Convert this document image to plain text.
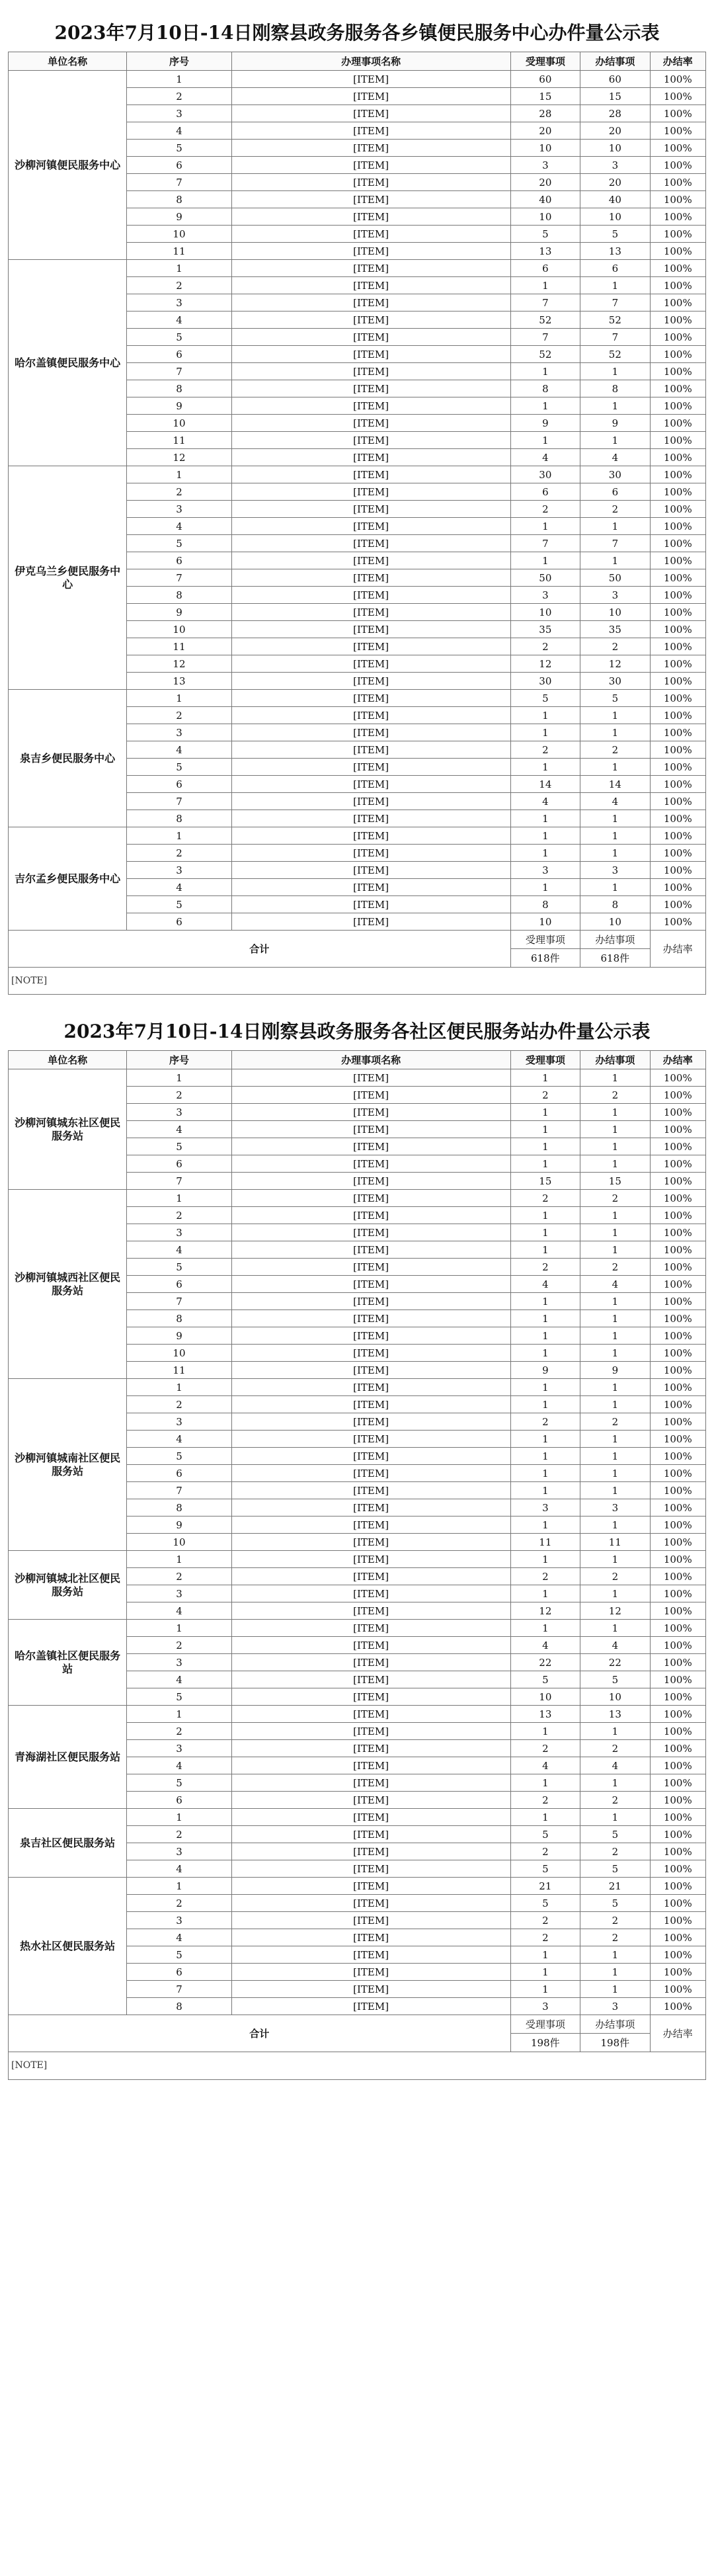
2023年7月10日-14日刚察县政务服务各乡镇便民服务中心办件量公示表
单位名称	序号	办理事项名称	受理事项	办结事项	办结率
沙柳河镇便民服务中心	1	[ITEM]	60	60	100%
	2	[ITEM]	15	15	100%
	3	[ITEM]	28	28	100%
	4	[ITEM]	20	20	100%
	5	[ITEM]	10	10	100%
	6	[ITEM]	3	3	100%
	7	[ITEM]	20	20	100%
	8	[ITEM]	40	40	100%
	9	[ITEM]	10	10	100%
	10	[ITEM]	5	5	100%
	11	[ITEM]	13	13	100%
哈尔盖镇便民服务中心	1	[ITEM]	6	6	100%
	2	[ITEM]	1	1	100%
	3	[ITEM]	7	7	100%
	4	[ITEM]	52	52	100%
	5	[ITEM]	7	7	100%
	6	[ITEM]	52	52	100%
	7	[ITEM]	1	1	100%
	8	[ITEM]	8	8	100%
	9	[ITEM]	1	1	100%
	10	[ITEM]	9	9	100%
	11	[ITEM]	1	1	100%
	12	[ITEM]	4	4	100%
伊克乌兰乡便民服务中心	1	[ITEM]	30	30	100%
	2	[ITEM]	6	6	100%
	3	[ITEM]	2	2	100%
	4	[ITEM]	1	1	100%
	5	[ITEM]	7	7	100%
	6	[ITEM]	1	1	100%
	7	[ITEM]	50	50	100%
	8	[ITEM]	3	3	100%
	9	[ITEM]	10	10	100%
	10	[ITEM]	35	35	100%
	11	[ITEM]	2	2	100%
	12	[ITEM]	12	12	100%
	13	[ITEM]	30	30	100%
泉吉乡便民服务中心	1	[ITEM]	5	5	100%
	2	[ITEM]	1	1	100%
	3	[ITEM]	1	1	100%
	4	[ITEM]	2	2	100%
	5	[ITEM]	1	1	100%
	6	[ITEM]	14	14	100%
	7	[ITEM]	4	4	100%
	8	[ITEM]	1	1	100%
吉尔孟乡便民服务中心	1	[ITEM]	1	1	100%
	2	[ITEM]	1	1	100%
	3	[ITEM]	3	3	100%
	4	[ITEM]	1	1	100%
	5	[ITEM]	8	8	100%
	6	[ITEM]	10	10	100%
合计			受理事项	办结事项	办结率
			618件	618件	
[NOTE]
2023年7月10日-14日刚察县政务服务各社区便民服务站办件量公示表
单位名称	序号	办理事项名称	受理事项	办结事项	办结率
沙柳河镇城东社区便民服务站	1	[ITEM]	1	1	100%
	2	[ITEM]	2	2	100%
	3	[ITEM]	1	1	100%
	4	[ITEM]	1	1	100%
	5	[ITEM]	1	1	100%
	6	[ITEM]	1	1	100%
	7	[ITEM]	15	15	100%
沙柳河镇城西社区便民服务站	1	[ITEM]	2	2	100%
	2	[ITEM]	1	1	100%
	3	[ITEM]	1	1	100%
	4	[ITEM]	1	1	100%
	5	[ITEM]	2	2	100%
	6	[ITEM]	4	4	100%
	7	[ITEM]	1	1	100%
	8	[ITEM]	1	1	100%
	9	[ITEM]	1	1	100%
	10	[ITEM]	1	1	100%
	11	[ITEM]	9	9	100%
沙柳河镇城南社区便民服务站	1	[ITEM]	1	1	100%
	2	[ITEM]	1	1	100%
	3	[ITEM]	2	2	100%
	4	[ITEM]	1	1	100%
	5	[ITEM]	1	1	100%
	6	[ITEM]	1	1	100%
	7	[ITEM]	1	1	100%
	8	[ITEM]	3	3	100%
	9	[ITEM]	1	1	100%
	10	[ITEM]	11	11	100%
沙柳河镇城北社区便民服务站	1	[ITEM]	1	1	100%
	2	[ITEM]	2	2	100%
	3	[ITEM]	1	1	100%
	4	[ITEM]	12	12	100%
哈尔盖镇社区便民服务站	1	[ITEM]	1	1	100%
	2	[ITEM]	4	4	100%
	3	[ITEM]	22	22	100%
	4	[ITEM]	5	5	100%
	5	[ITEM]	10	10	100%
青海湖社区便民服务站	1	[ITEM]	13	13	100%
	2	[ITEM]	1	1	100%
	3	[ITEM]	2	2	100%
	4	[ITEM]	4	4	100%
	5	[ITEM]	1	1	100%
	6	[ITEM]	2	2	100%
泉吉社区便民服务站	1	[ITEM]	1	1	100%
	2	[ITEM]	5	5	100%
	3	[ITEM]	2	2	100%
	4	[ITEM]	5	5	100%
热水社区便民服务站	1	[ITEM]	21	21	100%
	2	[ITEM]	5	5	100%
	3	[ITEM]	2	2	100%
	4	[ITEM]	2	2	100%
	5	[ITEM]	1	1	100%
	6	[ITEM]	1	1	100%
	7	[ITEM]	1	1	100%
	8	[ITEM]	3	3	100%
合计			受理事项	办结事项	办结率
			198件	198件	
[NOTE]
